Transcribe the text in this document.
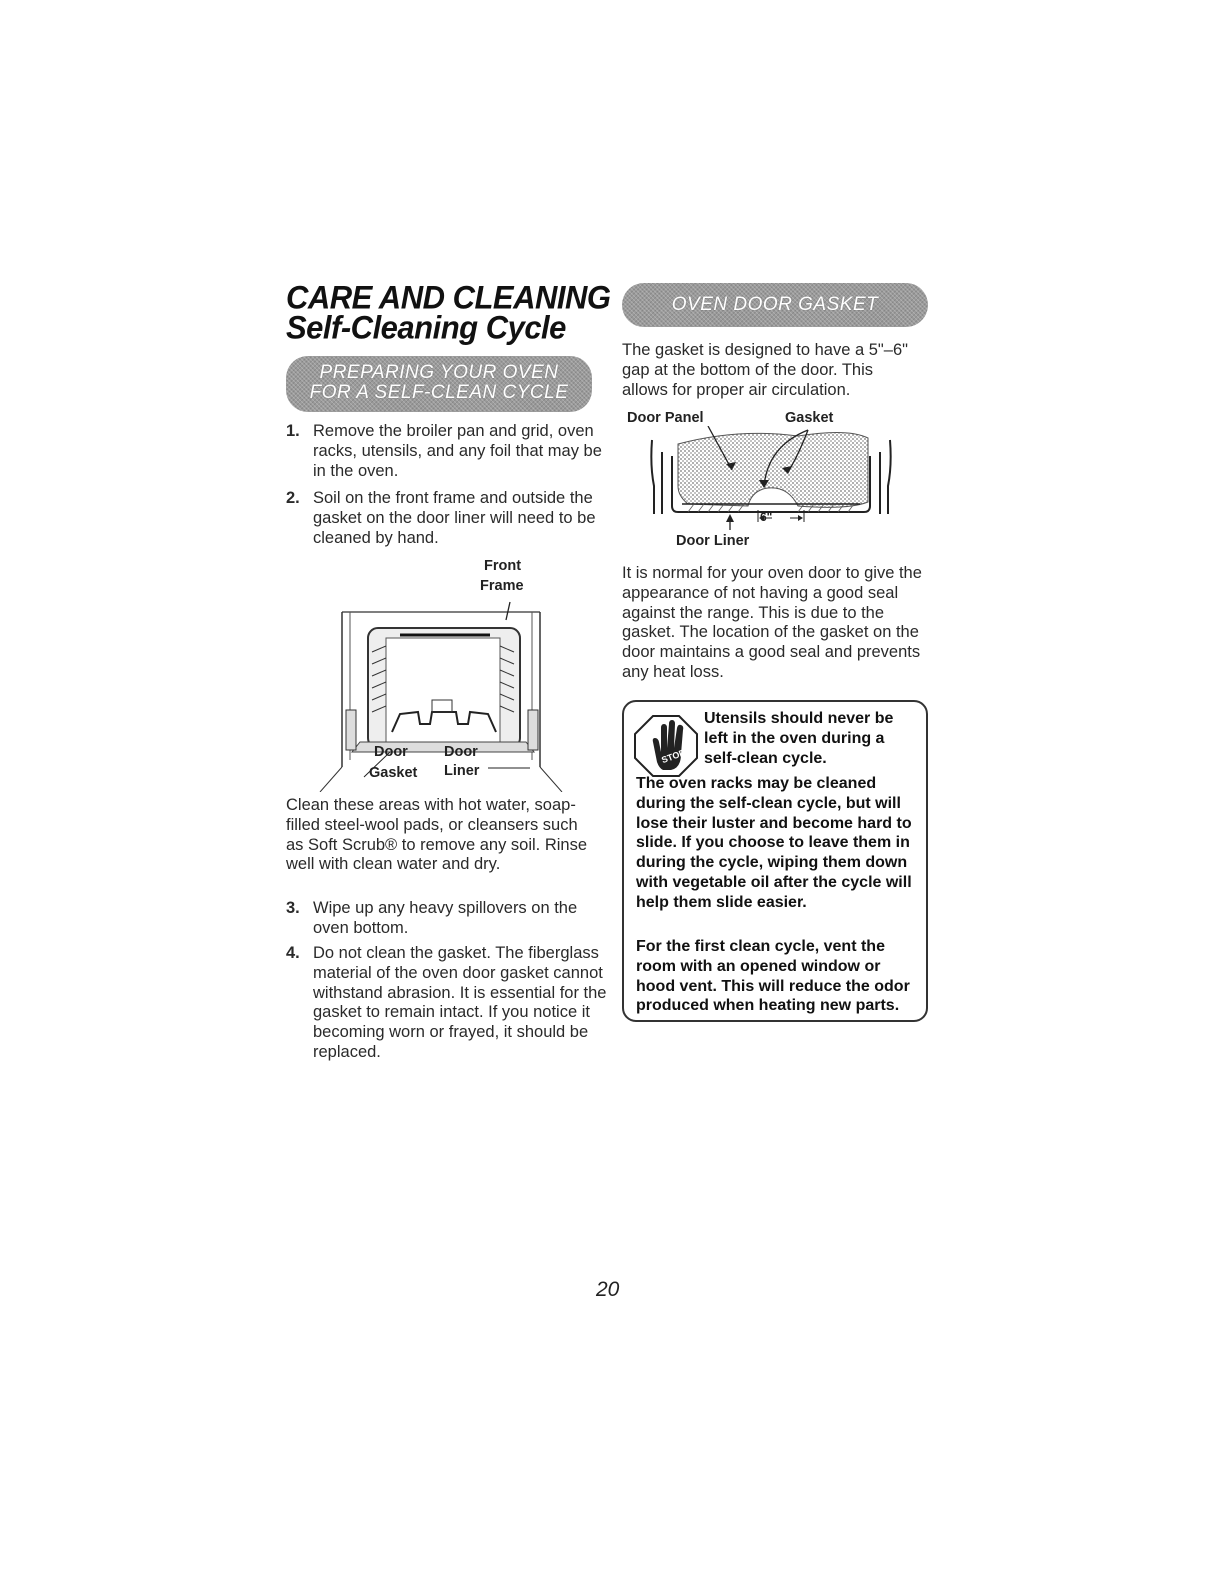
CARE AND CLEANING
Self-Cleaning Cycle
PREPARING YOUR OVEN
FOR A SELF-CLEAN CYCLE
1. Remove the broiler pan and grid, oven racks, utensils, and any foil that may be in the oven.
2. Soil on the front frame and outside the gasket on the door liner will need to be cleaned by hand.
Front
Frame
Door
Gasket
Door
Liner
Clean these areas with hot water, soap-filled steel-wool pads, or cleansers such as Soft Scrub® to remove any soil. Rinse well with clean water and dry.
3. Wipe up any heavy spillovers on the oven bottom.
4. Do not clean the gasket. The fiberglass material of the oven door gasket cannot withstand abrasion. It is essential for the gasket to remain intact. If you notice it becoming worn or frayed, it should be replaced.
OVEN DOOR GASKET
The gasket is designed to have a 5"–6" gap at the bottom of the door. This allows for proper air circulation.
Door Panel	Gasket
6"
Door Liner
It is normal for your oven door to give the appearance of not having a good seal against the range. This is due to the gasket. The location of the gasket on the door maintains a good seal and prevents any heat loss.
STOP!
Utensils should never be left in the oven during a self-clean cycle.
The oven racks may be cleaned during the self-clean cycle, but will lose their luster and become hard to slide. If you choose to leave them in during the cycle, wiping them down with vegetable oil after the cycle will help them slide easier.
For the first clean cycle, vent the room with an opened window or hood vent. This will reduce the odor produced when heating new parts.
20
